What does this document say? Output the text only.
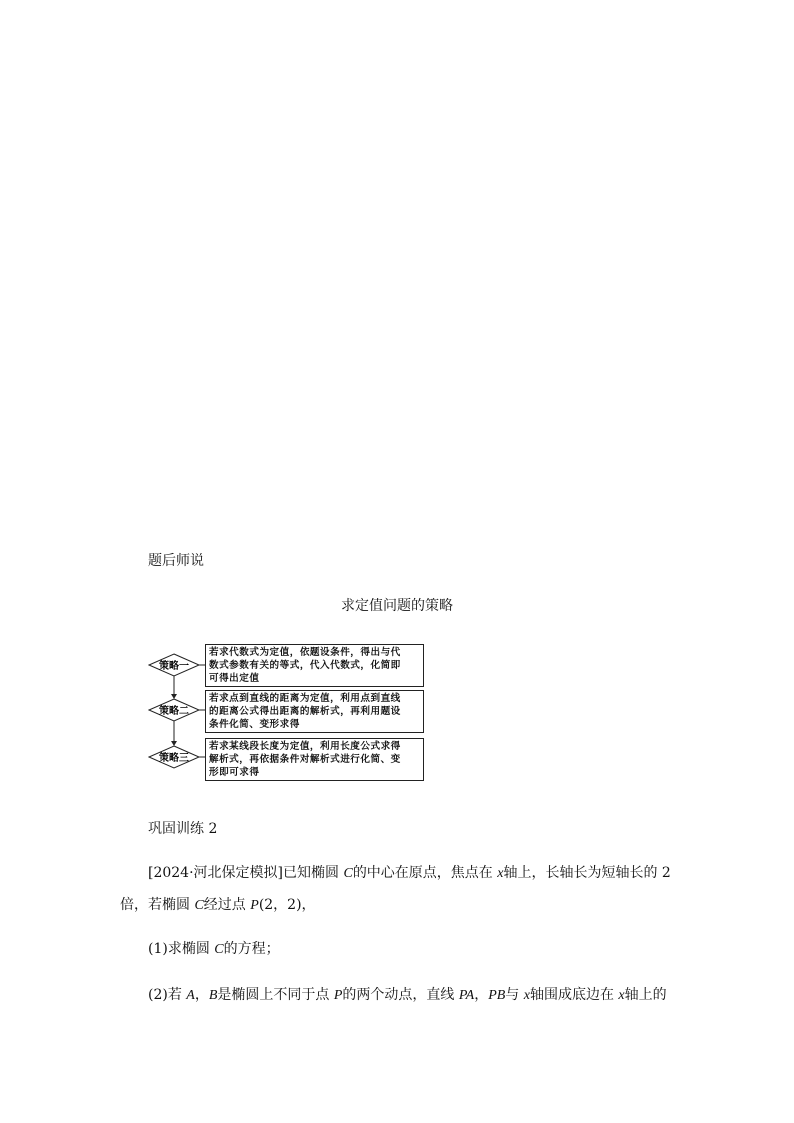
题后师说
求定值问题的策略
策略一
策略二
策略三
若求代数式为定值，依题设条件，得出与代
数式参数有关的等式，代入代数式，化简即
可得出定值
若求点到直线的距离为定值，利用点到直线
的距离公式得出距离的解析式，再利用题设
条件化简、变形求得
若求某线段长度为定值，利用长度公式求得
解析式，再依据条件对解析式进行化简、变
形即可求得
巩固训练 2
[2024·河北保定模拟]已知椭圆 C的中心在原点，焦点在 x轴上，长轴长为短轴长的 2
倍，若椭圆 C经过点 P(2，2)，
(1)求椭圆 C的方程；
(2)若 A，B是椭圆上不同于点 P的两个动点，直线 PA，PB与 x轴围成底边在 x轴上的
